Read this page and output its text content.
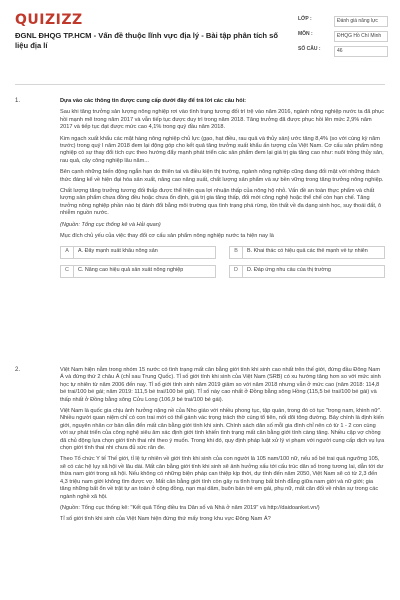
QUIZIZZ
ĐGNL ĐHQG TP.HCM - Vấn đề thuộc lĩnh vực địa lý - Bài tập phân tích số liệu địa lí
LỚP :	Đánh giá năng lực

MÔN :	ĐHQG Hồ Chí Minh

SỐ CÂU :	46
1.	Dựa vào các thông tin được cung cấp dưới đây để trả lời các câu hỏi:

Sau khi tăng trưởng sản lượng nông nghiệp rơi vào tình trạng tương đối trì trệ vào năm 2016, ngành nông nghiệp nước ta đã phục hồi mạnh mẽ trong năm 2017 và vẫn tiếp tục được duy trì trong năm 2018. Tăng trưởng đã được phục hồi lên mức 2,9% năm 2017 và tiếp tục đạt được mức cao 4,1% trong quý đầu năm 2018.

Kim ngạch xuất khẩu các mặt hàng nông nghiệp chủ lực (gạo, hạt điều, rau quả và thủy sản) ước tăng 8,4% (so với cùng kỳ năm trước) trong quý I năm 2018 đem lại động góp cho kết quả tăng trưởng xuất khẩu ấn tượng của Việt Nam. Cơ cấu sản phẩm nông nghiệp có sự thay đổi tích cực theo hướng đẩy mạnh phát triển các sản phẩm đem lại giá trị gia tăng cao như: nuôi trồng thủy sản, rau quả, cây công nghiệp lâu năm...

Bên cạnh những biến động ngắn hạn do thiên tai và điều kiện thị trường, ngành nông nghiệp cũng đang đối mặt với những thách thức đáng kể về hiện đại hóa sản xuất, nâng cao năng suất, chất lượng sản phẩm và sự bền vững trong tăng trưởng nông nghiệp.

Chất lượng tăng trưởng tương đối thấp được thể hiện qua lợi nhuận thấp của nông hộ nhỏ. Vấn đề an toàn thực phẩm và chất lượng sản phẩm chưa đồng đều hoặc chưa ổn định, giá trị gia tăng thấp, đối mới công nghệ hoặc thể chế còn hạn chế. Tăng trưởng nông nghiệp phần nào bị đánh đổi bằng môi trường qua tình trạng phá rừng, tồn thất về đa dạng sinh học, suy thoái đất, ô nhiễm nguồn nước.

(Nguồn: Tổng cục thống kê và Hải quan)

Mục đích chủ yếu của việc thay đổi cơ cấu sản phẩm nông nghiệp nước ta hiện nay là

A	A. Đẩy mạnh xuất khẩu nông sản	B	B. Khai thác có hiệu quả các thế mạnh về tự nhiên
C	C. Nâng cao hiệu quả sản xuất nông nghiệp	D	D. Đáp ứng nhu cầu của thị trường
2.	Việt Nam hiện nằm trong nhóm 15 nước có tình trạng mất cân bằng giới tính khi sinh cao nhất trên thế giới, đứng đầu Đông Nam Á và đứng thứ 2 châu Á (chỉ sau Trung Quốc). Tỉ số giới tính khi sinh của Việt Nam (SRB) có xu hướng tăng hơn so với mức sinh học tự nhiên từ năm 2006 đến nay. Tỉ số giới tính sinh năm 2019 giảm so với năm 2018 nhưng vẫn ở mức cao (năm 2018: 114,8 bé trai/100 bé gái; năm 2019: 111,5 bé trai/100 bé gái). Tỉ số này cao nhất ở Đồng bằng sông Hồng (115,5 bé trai/100 bé gái) và thấp nhất ở Đồng bằng sông Cửu Long (106,9 bé trai/100 bé gái).

Việt Nam là quốc gia chịu ảnh hưởng nặng nề của Nho giáo với nhiều phong tục, tập quán, trong đó có tục "trọng nam, khinh nữ". Nhiều người quan niệm chỉ có con trai mới có thể gánh vác trọng trách thờ cúng tổ tiên, nối dõi tông đường. Bảy chính là định kiến giới, nguyên nhân cơ bản dẫn đến mất cân bằng giới tính khi sinh. Chính sách dân số mỗi gia đình chỉ nên có từ 1 - 2 con cùng với sự phát triển của công nghệ siêu âm xác định giới tính khiến tình trạng mất cân bằng giới tính càng tăng. Nhiều cặp vợ chồng đã chủ động lựa chọn giới tính thai nhi theo ý muốn. Trong khi đó, quy định pháp luật xử lý vi phạm với người cung cấp dịch vụ lựa chọn giới tính thai nhi chưa đủ sức răn đe.

Theo Tổ chức Y tế Thế giới, tỉ lệ tự nhiên về giới tính khi sinh của con người là 105 nam/100 nữ, nếu số bé trai quá ngưỡng 105, sẽ có các hệ lụy xã hội về lâu dài. Mất cân bằng giới tính khi sinh sẽ ảnh hưởng xấu tới cấu trúc dân số trong tương lai, dẫn tới dư thừa nam giới trong xã hội. Nếu không có những biện pháp can thiệp kịp thời, dự tính đến năm 2050, Việt Nam sẽ có từ 2,3 đến 4,3 triệu nam giới không tìm được vợ. Mất cân bằng giới tính còn gây ra tình trạng bất bình đẳng giữa nam giới và nữ giới; gia tăng những bất ổn về trật tự an toàn ở cộng đồng, nạn mại dâm, buôn bán trẻ em gái, phụ nữ, mất cân đối về nhân sự trong các ngành nghề xã hội.

(Nguồn: Tổng cục thống kê: "Kết quả Tổng điều tra Dân số và Nhà ở năm 2019" và http://daidoanket.vn/)

Tỉ số giới tính khi sinh của Việt Nam hiện đứng thứ mấy trong khu vực Đông Nam Á?
